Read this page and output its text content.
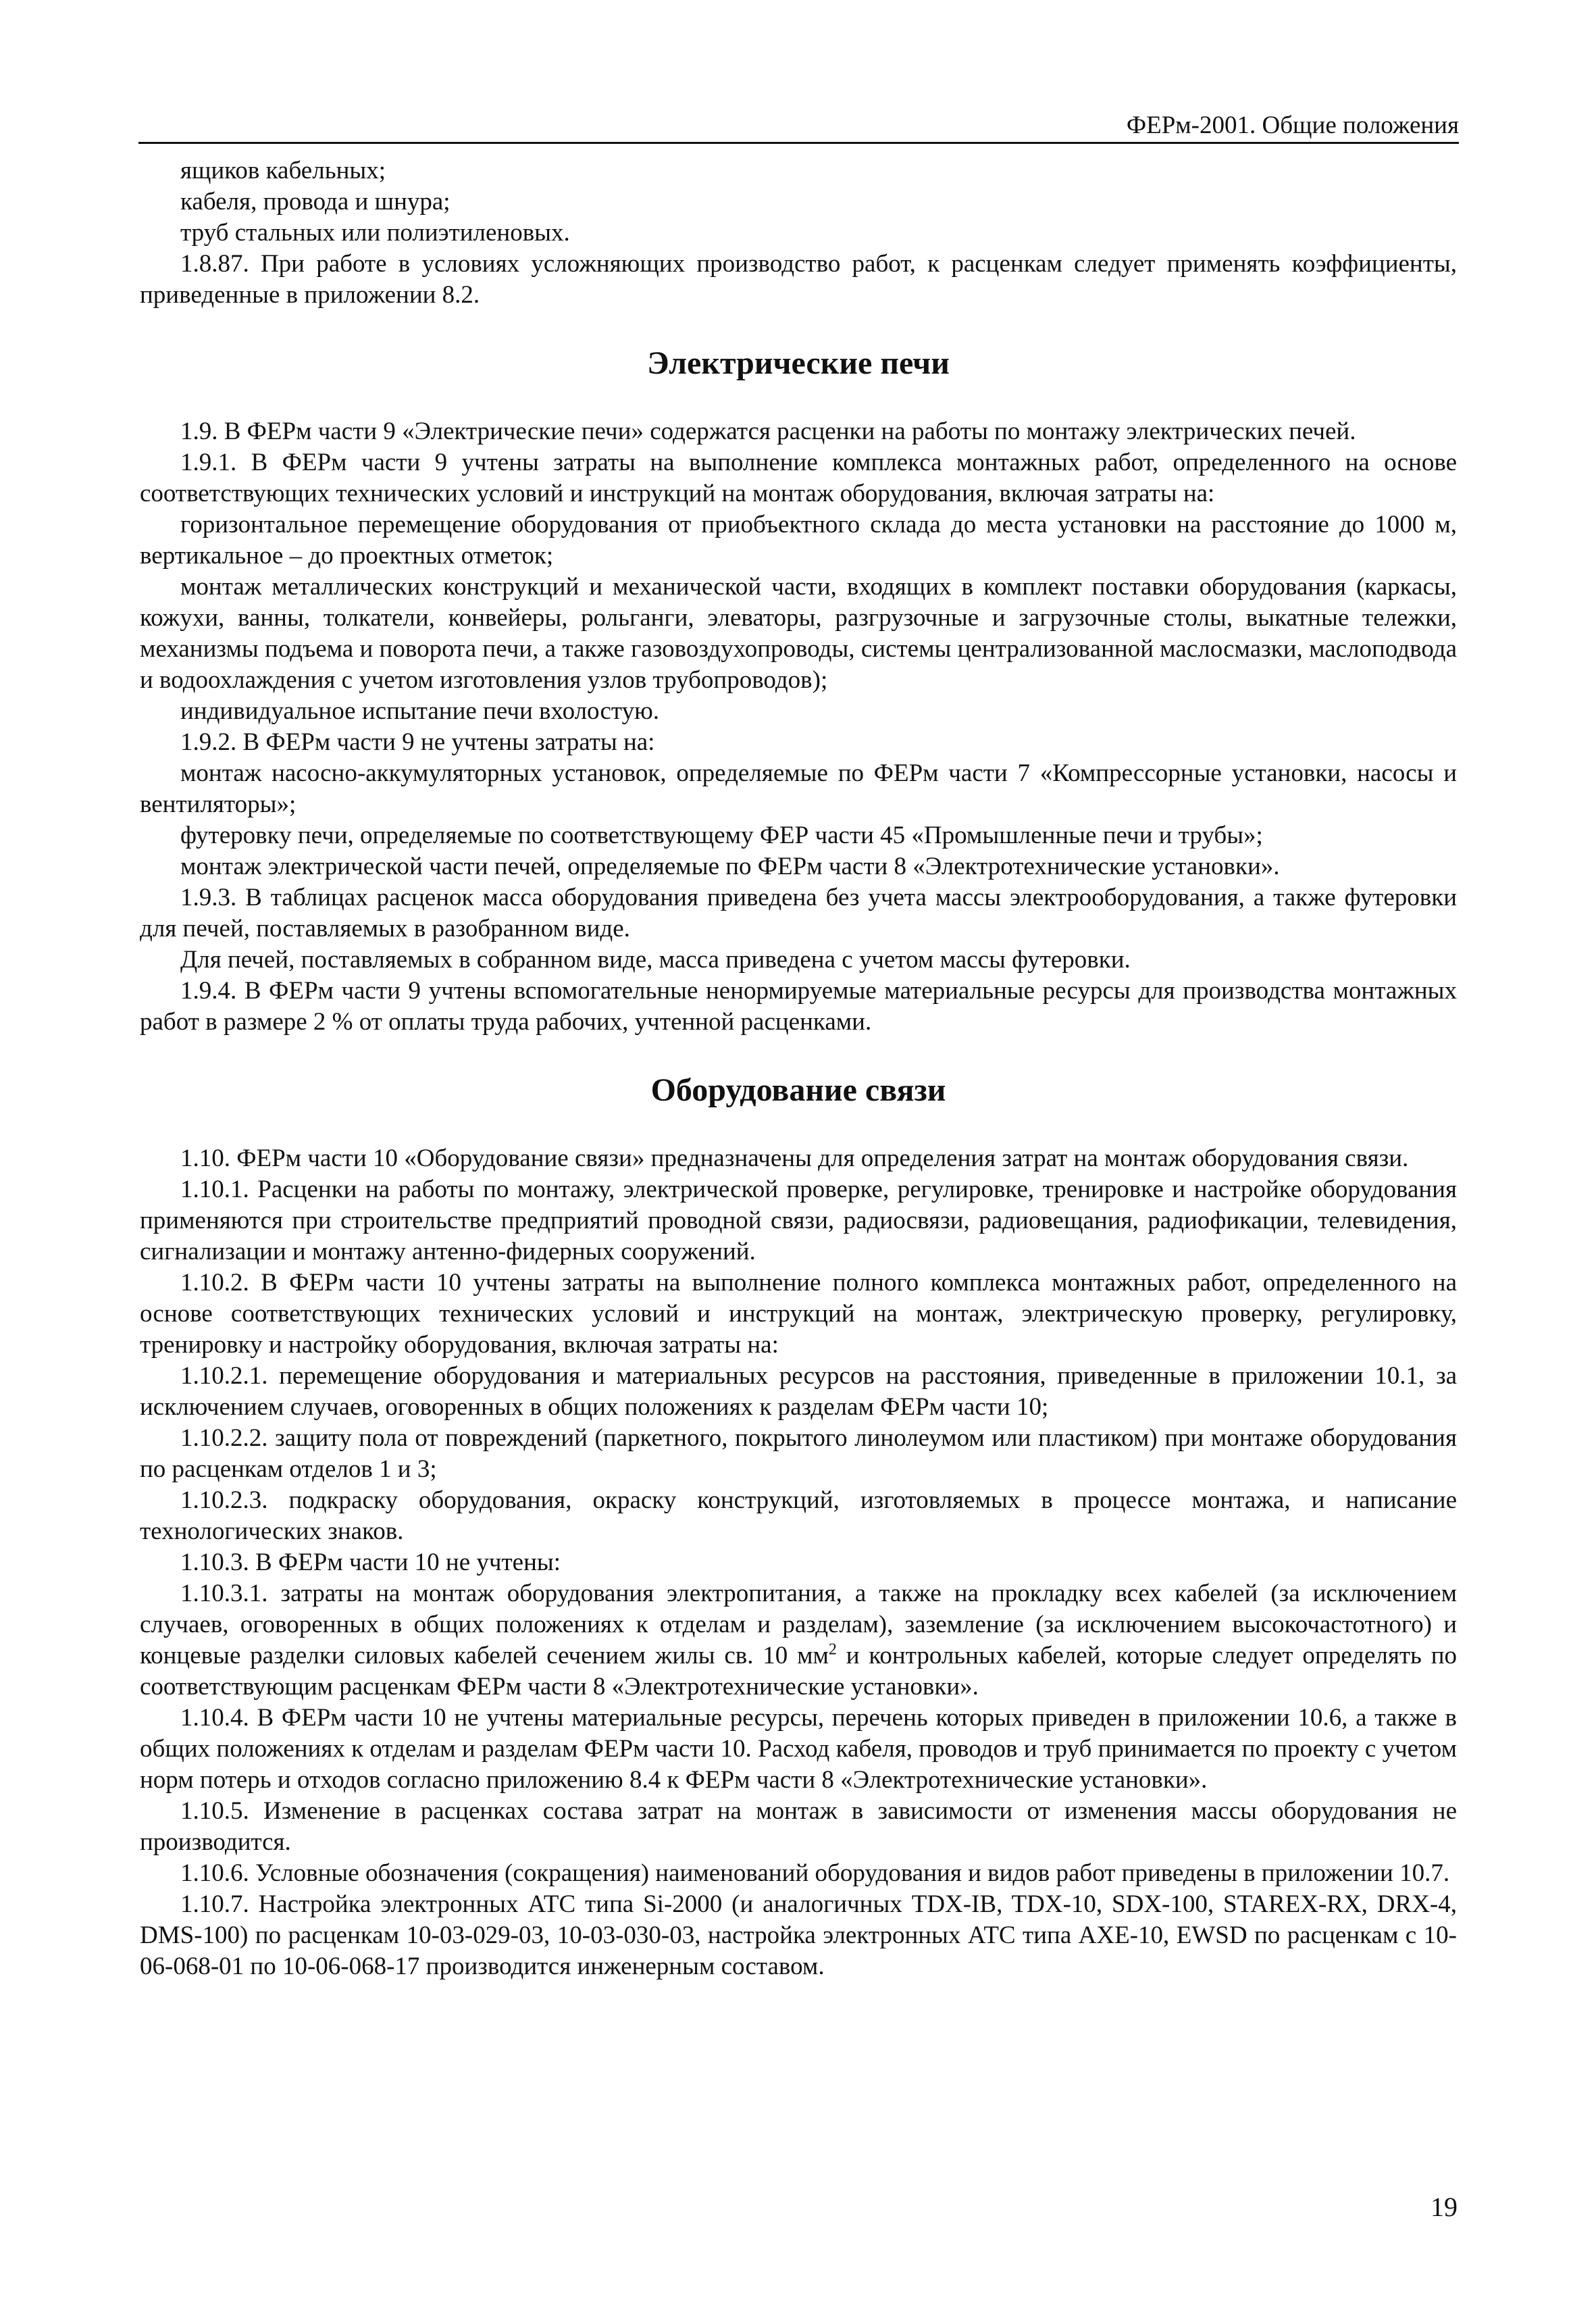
ФЕРм-2001. Общие положения

ящиков кабельных;

кабеля, провода и шнура;

труб стальных или полиэтиленовых.

1.8.87. При работе в условиях усложняющих производство работ, к расценкам следует применять коэффициенты, приведенные в приложении 8.2.

Электрические печи

1.9. В ФЕРм части 9 «Электрические печи» содержатся расценки на работы по монтажу электрических печей.

1.9.1. В ФЕРм части 9 учтены затраты на выполнение комплекса монтажных работ, определенного на основе соответствующих технических условий и инструкций на монтаж оборудования, включая затраты на:

горизонтальное перемещение оборудования от приобъектного склада до места установки на расстояние до 1000 м, вертикальное – до проектных отметок;

монтаж металлических конструкций и механической части, входящих в комплект поставки оборудования (каркасы, кожухи, ванны, толкатели, конвейеры, рольганги, элеваторы, разгрузочные и загрузочные столы, выкатные тележки, механизмы подъема и поворота печи, а также газовоздухопроводы, системы централизованной маслосмазки, маслоподвода и водоохлаждения с учетом изготовления узлов трубопроводов);

индивидуальное испытание печи вхолостую.

1.9.2. В ФЕРм части 9 не учтены затраты на:

монтаж насосно-аккумуляторных установок, определяемые по ФЕРм части 7 «Компрессорные установки, насосы и вентиляторы»;

футеровку печи, определяемые по соответствующему ФЕР части 45 «Промышленные печи и трубы»;

монтаж электрической части печей, определяемые по ФЕРм части 8 «Электротехнические установки».

1.9.3. В таблицах расценок масса оборудования приведена без учета массы электрооборудования, а также футеровки для печей, поставляемых в разобранном виде.

Для печей, поставляемых в собранном виде, масса приведена с учетом массы футеровки.

1.9.4. В ФЕРм части 9 учтены вспомогательные ненормируемые материальные ресурсы для производства монтажных работ в размере 2 % от оплаты труда рабочих, учтенной расценками.

Оборудование связи

1.10. ФЕРм части 10 «Оборудование связи» предназначены для определения затрат на монтаж оборудования связи.

1.10.1. Расценки на работы по монтажу, электрической проверке, регулировке, тренировке и настройке оборудования применяются при строительстве предприятий проводной связи, радиосвязи, радиовещания, радиофикации, телевидения, сигнализации и монтажу антенно-фидерных сооружений.

1.10.2. В ФЕРм части 10 учтены затраты на выполнение полного комплекса монтажных работ, определенного на основе соответствующих технических условий и инструкций на монтаж, электрическую проверку, регулировку, тренировку и настройку оборудования, включая затраты на:

1.10.2.1. перемещение оборудования и материальных ресурсов на расстояния, приведенные в приложении 10.1, за исключением случаев, оговоренных в общих положениях к разделам ФЕРм части 10;

1.10.2.2. защиту пола от повреждений (паркетного, покрытого линолеумом или пластиком) при монтаже оборудования по расценкам отделов 1 и 3;

1.10.2.3. подкраску оборудования, окраску конструкций, изготовляемых в процессе монтажа, и написание технологических знаков.

1.10.3. В ФЕРм части 10 не учтены:

1.10.3.1. затраты на монтаж оборудования электропитания, а также на прокладку всех кабелей (за исключением случаев, оговоренных в общих положениях к отделам и разделам), заземление (за исключением высокочастотного) и концевые разделки силовых кабелей сечением жилы св. 10 $мм^2$ и контрольных кабелей, которые следует определять по соответствующим расценкам ФЕРм части 8 «Электротехнические установки».

1.10.4. В ФЕРм части 10 не учтены материальные ресурсы, перечень которых приведен в приложении 10.6, а также в общих положениях к отделам и разделам ФЕРм части 10. Расход кабеля, проводов и труб принимается по проекту с учетом норм потерь и отходов согласно приложению 8.4 к ФЕРм части 8 «Электротехнические установки».

1.10.5. Изменение в расценках состава затрат на монтаж в зависимости от изменения массы оборудования не производится.

1.10.6. Условные обозначения (сокращения) наименований оборудования и видов работ приведены в приложении 10.7.

1.10.7. Настройка электронных АТС типа Si-2000 (и аналогичных TDX-IB, TDX-10, SDX-100, STAREX-RX, DRX-4, DMS-100) по расценкам 10-03-029-03, 10-03-030-03, настройка электронных АТС типа AXE-10, EWSD по расценкам с 10-06-068-01 по 10-06-068-17 производится инженерным составом.

19
